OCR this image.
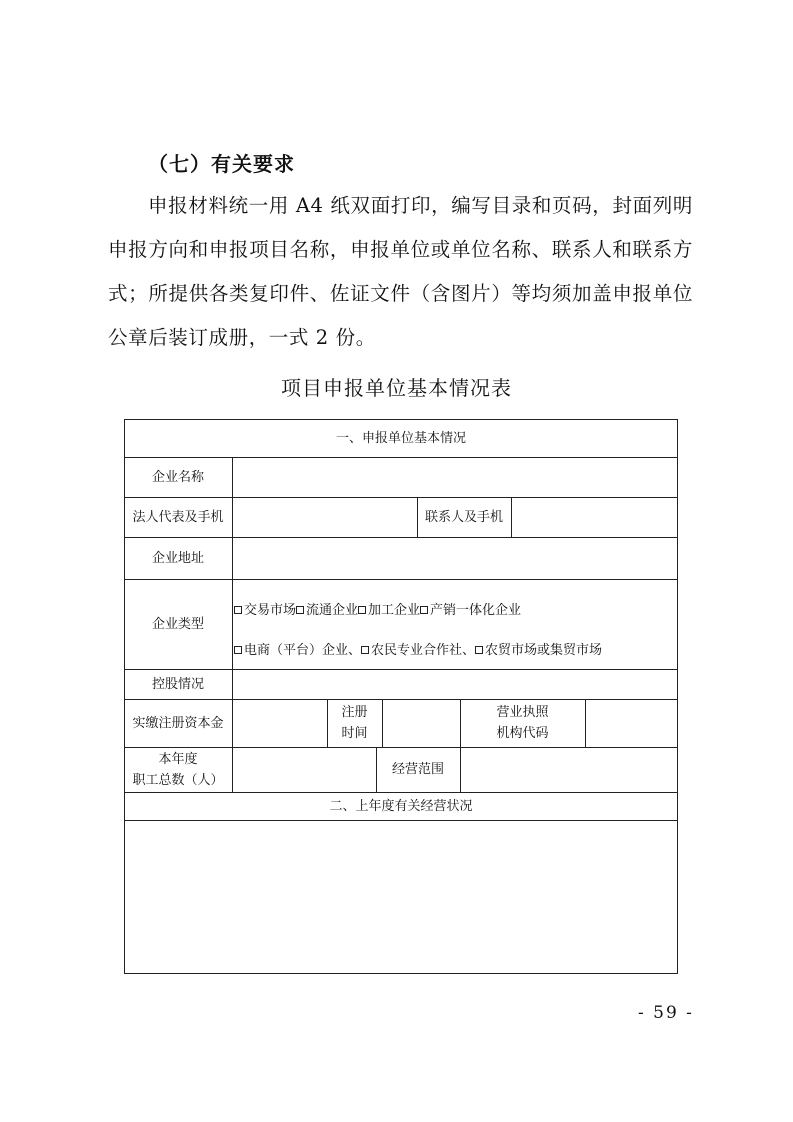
（七）有关要求
申报材料统一用 A4 纸双面打印，编写目录和页码，封面列明申报方向和申报项目名称，申报单位或单位名称、联系人和联系方式；所提供各类复印件、佐证文件（含图片）等均须加盖申报单位公章后装订成册，一式 2 份。
项目申报单位基本情况表
一、申报单位基本情况
企业名称
法人代表及手机	联系人及手机
企业地址
企业类型
交易市场 流通企业 加工企业 产销一体化企业
电商（平台）企业、 农民专业合作社、 农贸市场或集贸市场
控股情况
实缴注册资本金
注册
时间
营业执照
机构代码
本年度
职工总数（人）
经营范围
二、上年度有关经营状况
- 59 -
